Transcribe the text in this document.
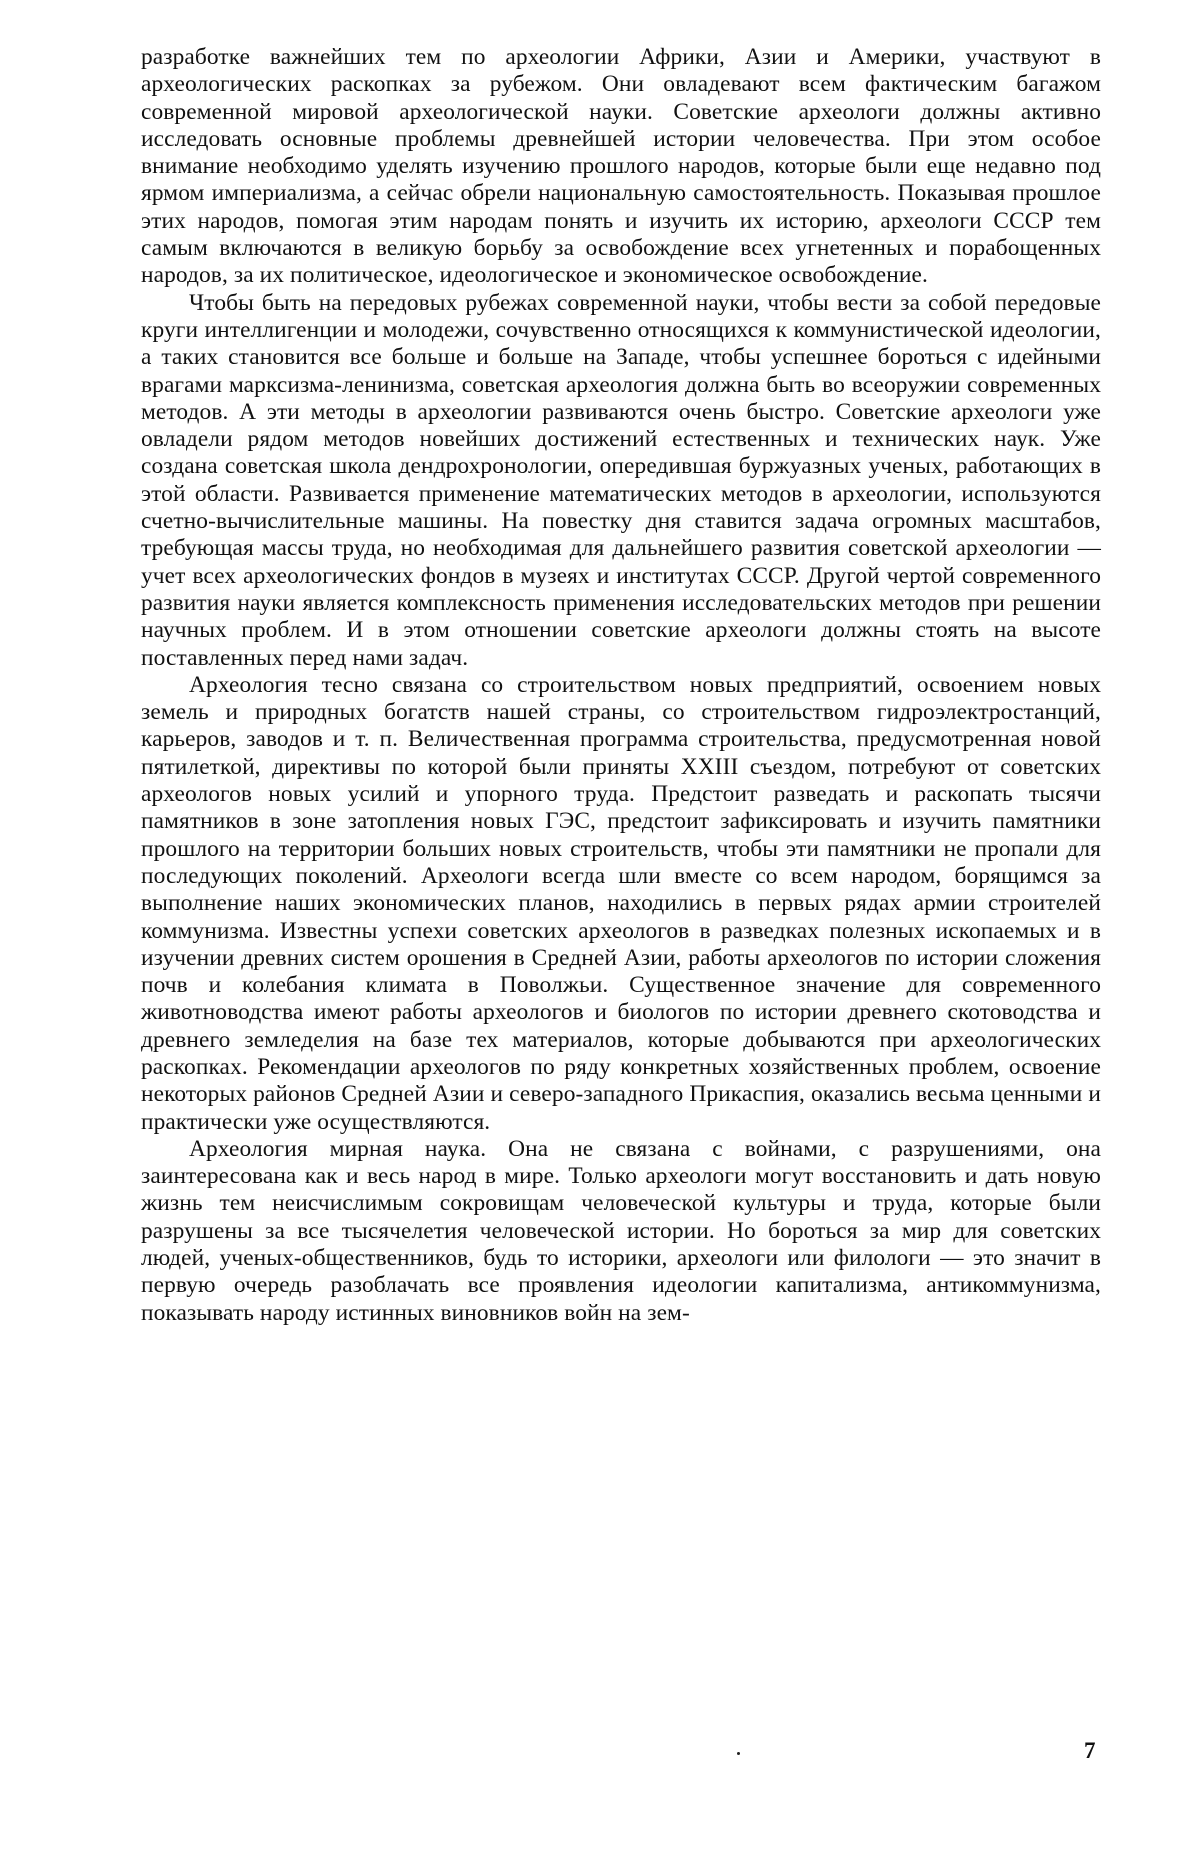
разработке важнейших тем по археологии Африки, Азии и Америки, участвуют в археологических раскопках за рубежом. Они овладевают всем фактическим багажом современной мировой археологической науки. Советские археологи должны активно исследовать основные проблемы древнейшей истории человечества. При этом особое внимание необходимо уделять изучению прошлого народов, которые были еще недавно под ярмом империализма, а сейчас обрели национальную самостоятельность. Показывая прошлое этих народов, помогая этим народам понять и изучить их историю, археологи СССР тем самым включаются в великую борьбу за освобождение всех угнетенных и порабощенных народов, за их политическое, идеологическое и экономическое освобождение.

Чтобы быть на передовых рубежах современной науки, чтобы вести за собой передовые круги интеллигенции и молодежи, сочувственно относящихся к коммунистической идеологии, а таких становится все больше и больше на Западе, чтобы успешнее бороться с идейными врагами марксизма-ленинизма, советская археология должна быть во всеоружии современных методов. А эти методы в археологии развиваются очень быстро. Советские археологи уже овладели рядом методов новейших достижений естественных и технических наук. Уже создана советская школа дендрохронологии, опередившая буржуазных ученых, работающих в этой области. Развивается применение математических методов в археологии, используются счетно-вычислительные машины. На повестку дня ставится задача огромных масштабов, требующая массы труда, но необходимая для дальнейшего развития советской археологии — учет всех археологических фондов в музеях и институтах СССР. Другой чертой современного развития науки является комплексность применения исследовательских методов при решении научных проблем. И в этом отношении советские археологи должны стоять на высоте поставленных перед нами задач.

Археология тесно связана со строительством новых предприятий, освоением новых земель и природных богатств нашей страны, со строительством гидроэлектростанций, карьеров, заводов и т. п. Величественная программа строительства, предусмотренная новой пятилеткой, директивы по которой были приняты XXIII съездом, потребуют от советских археологов новых усилий и упорного труда. Предстоит разведать и раскопать тысячи памятников в зоне затопления новых ГЭС, предстоит зафиксировать и изучить памятники прошлого на территории больших новых строительств, чтобы эти памятники не пропали для последующих поколений. Археологи всегда шли вместе со всем народом, борящимся за выполнение наших экономических планов, находились в первых рядах армии строителей коммунизма. Известны успехи советских археологов в разведках полезных ископаемых и в изучении древних систем орошения в Средней Азии, работы археологов по истории сложения почв и колебания климата в Поволжьи. Существенное значение для современного животноводства имеют работы археологов и биологов по истории древнего скотоводства и древнего земледелия на базе тех материалов, которые добываются при археологических раскопках. Рекомендации археологов по ряду конкретных хозяйственных проблем, освоение некоторых районов Средней Азии и северо-западного Прикаспия, оказались весьма ценными и практически уже осуществляются.

Археология мирная наука. Она не связана с войнами, с разрушениями, она заинтересована как и весь народ в мире. Только археологи могут восстановить и дать новую жизнь тем неисчислимым сокровищам человеческой культуры и труда, которые были разрушены за все тысячелетия человеческой истории. Но бороться за мир для советских людей, ученых-общественников, будь то историки, археологи или филологи — это значит в первую очередь разоблачать все проявления идеологии капитализма, антикоммунизма, показывать народу истинных виновников войн на зем-

7
